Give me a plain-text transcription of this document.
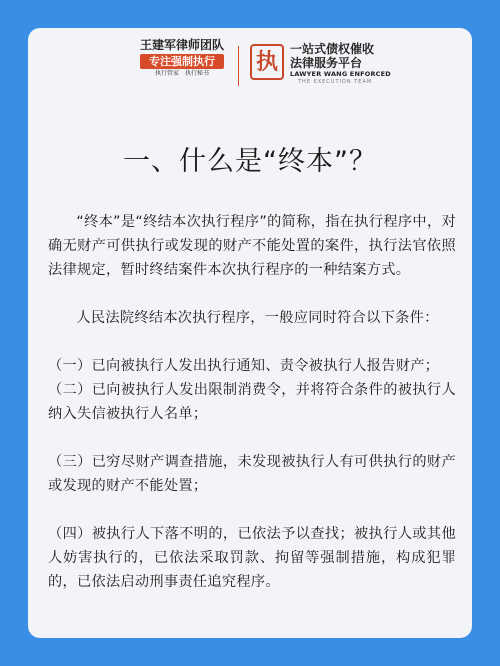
王建军律师团队
专注强制执行
执行管家　执行秘书	执	一站式债权催收
法律服务平台
LAWYER WANG ENFORCED
THE EXECUTION TEAM
一、什么是“终本”？

“终本”是“终结本次执行程序”的简称，指在执行程序中，对确无财产可供执行或发现的财产不能处置的案件，执行法官依照法律规定，暂时终结案件本次执行程序的一种结案方式。

人民法院终结本次执行程序，一般应同时符合以下条件：

（一）已向被执行人发出执行通知、责令被执行人报告财产；

（二）已向被执行人发出限制消费令，并将符合条件的被执行人纳入失信被执行人名单；

（三）已穷尽财产调查措施，未发现被执行人有可供执行的财产或发现的财产不能处置；

（四）被执行人下落不明的，已依法予以查找；被执行人或其他人妨害执行的，已依法采取罚款、拘留等强制措施，构成犯罪的，已依法启动刑事责任追究程序。
